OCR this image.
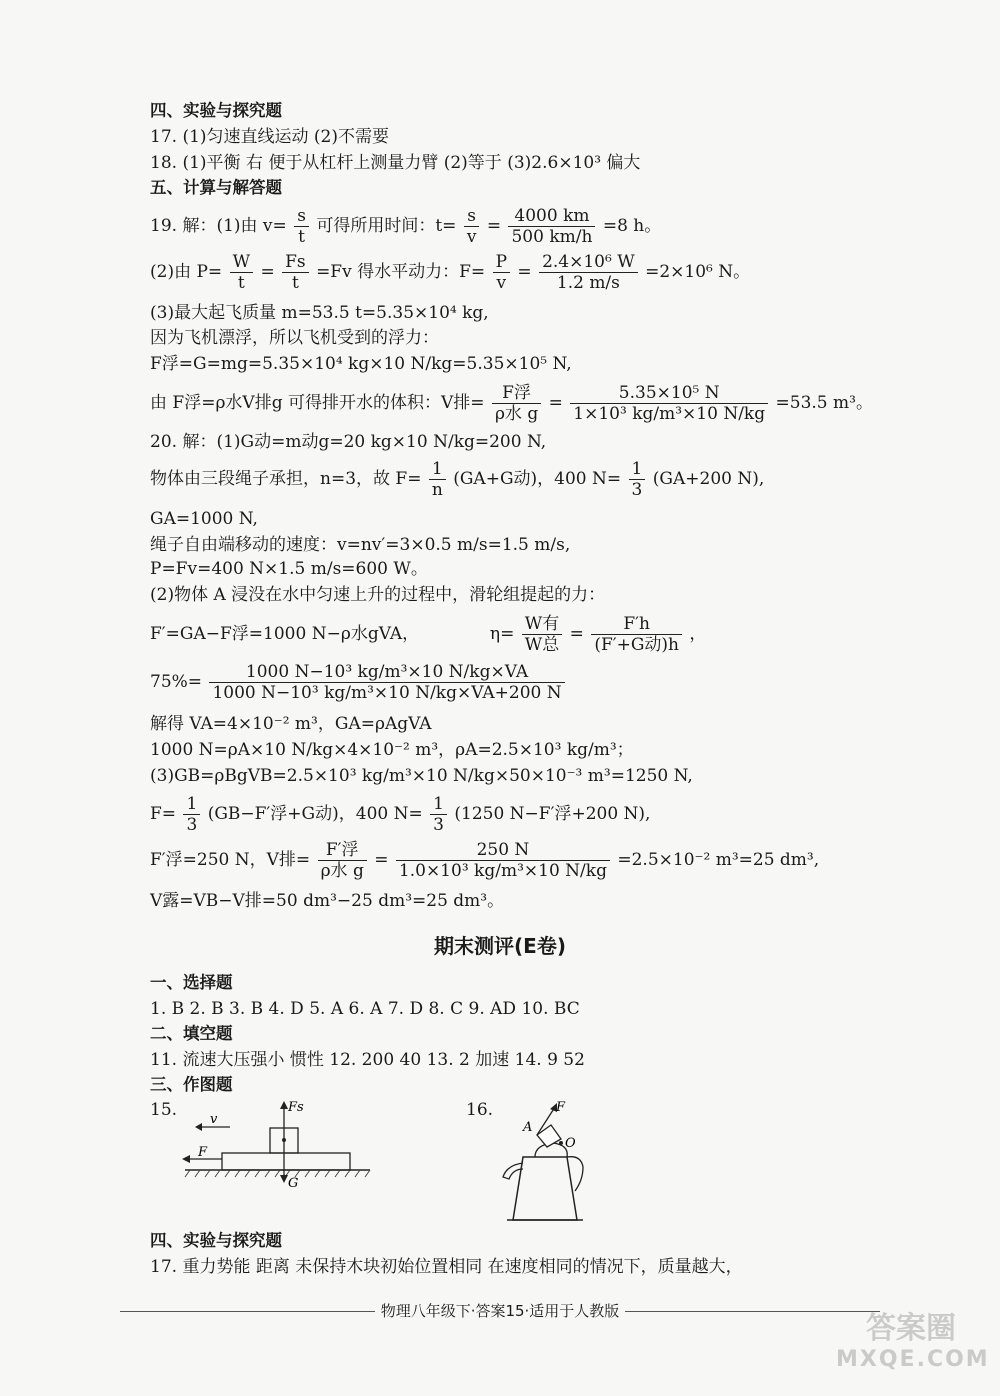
四、实验与探究题
17. (1)匀速直线运动 (2)不需要
18. (1)平衡 右 便于从杠杆上测量力臂 (2)等于 (3)2.6×10³ 偏大
五、计算与解答题
19. 解：(1)由 $v= \frac{s}{t}$ 可得所用时间：$t= \frac{s}{v} = \frac{4000 km}{500 km/h} =8$ h。
(2)由 $P= \frac{W}{t} = \frac{Fs}{t} =Fv$ 得水平动力：$F= \frac{P}{v} = \frac{\text{2.4×10⁶ W}}{1.2 m/s} =2\times 10^6$ N。
(3)最大起飞质量 m=53.5 t=5.35×10⁴ kg,
因为飞机漂浮，所以飞机受到的浮力：
F浮=G=mg=5.35×10⁴ kg×10 N/kg=5.35×10⁵ N,
由 F浮=ρ水V排g 可得排开水的体积：V排= $\frac{\text{F浮}}{\text{ρ水 g}} = \frac{\text{5.35×10⁵ N}}{\text{1×10³ kg/m³×10 N/kg}} =53.5$ m³。
20. 解：(1)G动=m动g=20 kg×10 N/kg=200 N,
物体由三段绳子承担，n=3，故 $F= \frac{1}{n} (GA+G$动)，400 $N= \frac{1}{3} (GA+200$ N),
GA=1000 N,
绳子自由端移动的速度：v=nv′=3×0.5 m/s=1.5 m/s,
P=Fv=400 N×1.5 m/s=600 W。
(2)物体 A 浸没在水中匀速上升的过程中，滑轮组提起的力：
F′=GA−F浮=1000 N−ρ水gVA，	$\eta= \frac{\text{W有}}{\text{W总}} = \frac{F'h}{\text{(F′+G动)h}}$ ，
$75\%= \frac{\text{1000 N−10³ kg/m³×10 N/kg×VA}}{\text{1000 N−10³ kg/m³×10 N/kg×VA+200 N}}$
解得 VA=4×10⁻² m³，GA=ρAgVA
1000 N=ρA×10 N/kg×4×10⁻² m³，ρA=2.5×10³ kg/m³；
(3)GB=ρBgVB=2.5×10³ kg/m³×10 N/kg×50×10⁻³ m³=1250 N,
$F= \frac{1}{3} (GB-F'$浮+G动)，400 $N= \frac{1}{3} (1250$ N−F′浮+200 N),
F′浮=250 N，V排= $\frac{\text{F′浮}}{\text{ρ水 g}} = \frac{250 N}{\text{1.0×10³ kg/m³×10 N/kg}} =2.5\times 10^{-2}$ m³=25 dm³,
V露=VB−V排=50 dm³−25 dm³=25 dm³。
期末测评(E卷)
一、选择题
1. B 2. B 3. B 4. D 5. A 6. A 7. D 8. C 9. AD 10. BC
二、填空题
11. 流速大压强小 惯性 12. 200 40 13. 2 加速 14. 9 52
三、作图题
15.	v
Fs
F
G
16.	F
A
O
四、实验与探究题
17. 重力势能 距离 未保持木块初始位置相同 在速度相同的情况下，质量越大，
物理八年级下·答案15·适用于人教版	答案圈
MXQE.COM
